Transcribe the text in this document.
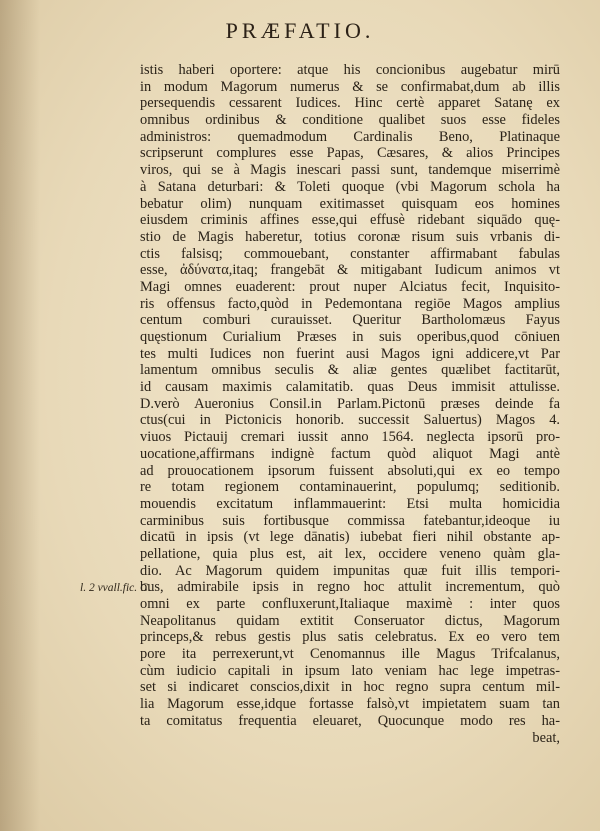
PRÆFATIO.
l. 2 vvall.fic. C.
istis haberi oportere: atque his concionibus augebatur mirū
in modum Magorum numerus & se confirmabat,dum ab illis
persequendis cessarent Iudices. Hinc certè apparet Satanę ex
omnibus ordinibus & conditione qualibet suos esse fideles
administros: quemadmodum Cardinalis Beno, Platinaque
scripserunt complures esse Papas, Cæsares, & alios Principes
viros, qui se à Magis inescari passi sunt, tandemque miserrimè
à Satana deturbari: & Toleti quoque (vbi Magorum schola ha
bebatur olim) nunquam exitimasset quisquam eos homines
eiusdem criminis affines esse,qui effusè ridebant siquādo quę-
stio de Magis haberetur, totius coronæ risum suis vrbanis di-
ctis falsisq; commouebant, constanter affirmabant fabulas
esse, ἀδύνατα,itaq; frangebāt & mitigabant Iudicum animos vt
Magi omnes euaderent: prout nuper Alciatus fecit, Inquisito-
ris offensus facto,quòd in Pedemontana regiōe Magos amplius
centum comburi curauisset. Queritur Bartholomæus Fayus
quęstionum Curialium Præses in suis operibus,quod cōniuen
tes multi Iudices non fuerint ausi Magos igni addicere,vt Par
lamentum omnibus seculis & aliæ gentes quælibet factitarūt,
id causam maximis calamitatib. quas Deus immisit attulisse.
D.verò Aueronius Consil.in Parlam.Pictonū præses deinde fa
ctus(cui in Pictonicis honorib. successit Saluertus) Magos 4.
viuos Pictauij cremari iussit anno 1564. neglecta ipsorū pro-
uocatione,affirmans indignè factum quòd aliquot Magi antè
ad prouocationem ipsorum fuissent absoluti,qui ex eo tempo
re totam regionem contaminauerint, populumq; seditionib.
mouendis excitatum inflammauerint: Etsi multa homicidia
carminibus suis fortibusque commissa fatebantur,ideoque iu
dicatū in ipsis (vt lege dānatis) iubebat fieri nihil obstante ap-
pellatione, quia plus est, ait lex, occidere veneno quàm gla-
dio. Ac Magorum quidem impunitas quæ fuit illis tempori-
bus, admirabile ipsis in regno hoc attulit incrementum, quò
omni ex parte confluxerunt,Italiaque maximè : inter quos
Neapolitanus quidam extitit Conseruator dictus, Magorum
princeps,& rebus gestis plus satis celebratus. Ex eo vero tem
pore ita perrexerunt,vt Cenomannus ille Magus Trifcalanus,
cùm iudicio capitali in ipsum lato veniam hac lege impetras-
set si indicaret conscios,dixit in hoc regno supra centum mil-
lia Magorum esse,idque fortasse falsò,vt impietatem suam tan
ta comitatus frequentia eleuaret, Quocunque modo res ha-
beat,
